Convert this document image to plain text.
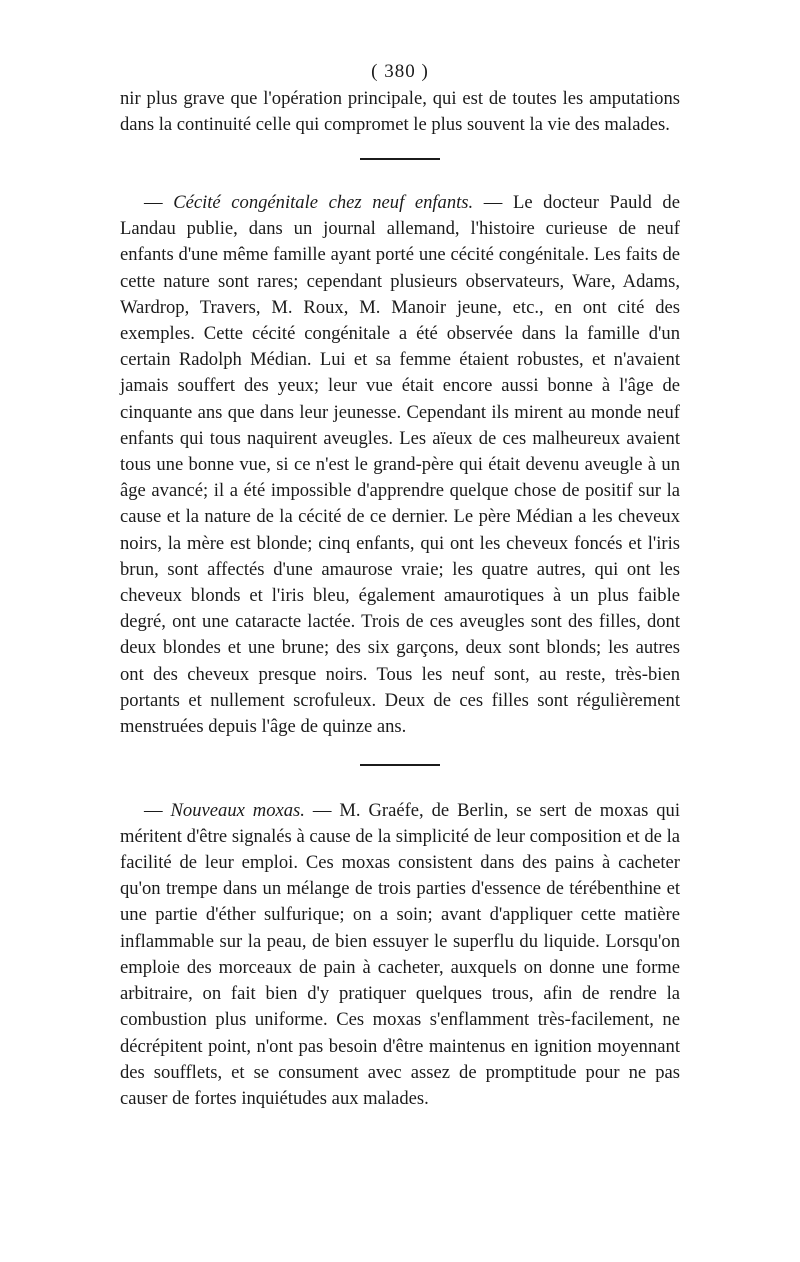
( 380 )

nir plus grave que l'opération principale, qui est de toutes les amputations dans la continuité celle qui compromet le plus souvent la vie des malades.

— Cécité congénitale chez neuf enfants. — Le docteur Pauld de Landau publie, dans un journal allemand, l'histoire curieuse de neuf enfants d'une même famille ayant porté une cécité congénitale. Les faits de cette nature sont rares; cependant plusieurs observateurs, Ware, Adams, Wardrop, Travers, M. Roux, M. Manoir jeune, etc., en ont cité des exemples. Cette cécité congénitale a été observée dans la famille d'un certain Radolph Médian. Lui et sa femme étaient robustes, et n'avaient jamais souffert des yeux; leur vue était encore aussi bonne à l'âge de cinquante ans que dans leur jeunesse. Cependant ils mirent au monde neuf enfants qui tous naquirent aveugles. Les aïeux de ces malheureux avaient tous une bonne vue, si ce n'est le grand-père qui était devenu aveugle à un âge avancé; il a été impossible d'apprendre quelque chose de positif sur la cause et la nature de la cécité de ce dernier. Le père Médian a les cheveux noirs, la mère est blonde; cinq enfants, qui ont les cheveux foncés et l'iris brun, sont affectés d'une amaurose vraie; les quatre autres, qui ont les cheveux blonds et l'iris bleu, également amaurotiques à un plus faible degré, ont une cataracte lactée. Trois de ces aveugles sont des filles, dont deux blondes et une brune; des six garçons, deux sont blonds; les autres ont des cheveux presque noirs. Tous les neuf sont, au reste, très-bien portants et nullement scrofuleux. Deux de ces filles sont régulièrement menstruées depuis l'âge de quinze ans.

— Nouveaux moxas. — M. Graéfe, de Berlin, se sert de moxas qui méritent d'être signalés à cause de la simplicité de leur composition et de la facilité de leur emploi. Ces moxas consistent dans des pains à cacheter qu'on trempe dans un mélange de trois parties d'essence de térébenthine et une partie d'éther sulfurique; on a soin; avant d'appliquer cette matière inflammable sur la peau, de bien essuyer le superflu du liquide. Lorsqu'on emploie des morceaux de pain à cacheter, auxquels on donne une forme arbitraire, on fait bien d'y pratiquer quelques trous, afin de rendre la combustion plus uniforme. Ces moxas s'enflamment très-facilement, ne décrépitent point, n'ont pas besoin d'être maintenus en ignition moyennant des soufflets, et se consument avec assez de promptitude pour ne pas causer de fortes inquiétudes aux malades.
